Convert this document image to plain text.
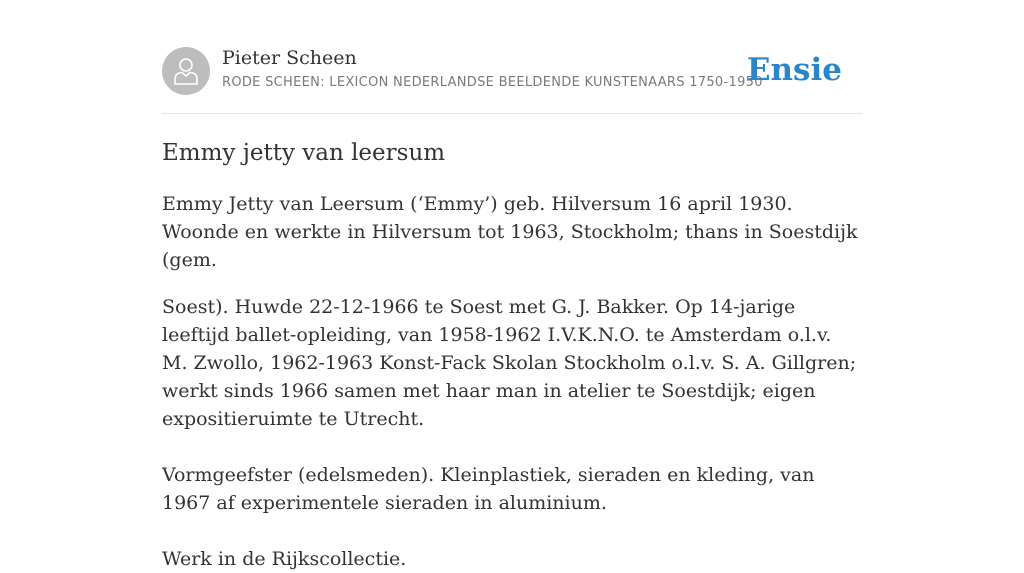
Pieter Scheen
RODE SCHEEN: LEXICON NEDERLANDSE BEELDENDE KUNSTENAARS 1750-1950
Ensie
Emmy jetty van leersum

Emmy Jetty van Leersum (‘Emmy’) geb. Hilversum 16 april 1930. Woonde en werkte in Hilversum tot 1963, Stockholm; thans in Soestdijk (gem.

Soest). Huwde 22-12-1966 te Soest met G. J. Bakker. Op 14-jarige leeftijd ballet-opleiding, van 1958-1962 I.V.K.N.O. te Amsterdam o.l.v. M. Zwollo, 1962-1963 Konst-Fack Skolan Stockholm o.l.v. S. A. Gillgren; werkt sinds 1966 samen met haar man in atelier te Soestdijk; eigen expositieruimte te Utrecht.

Vormgeefster (edelsmeden). Kleinplastiek, sieraden en kleding, van 1967 af experimentele sieraden in aluminium.

Werk in de Rijkscollectie.
